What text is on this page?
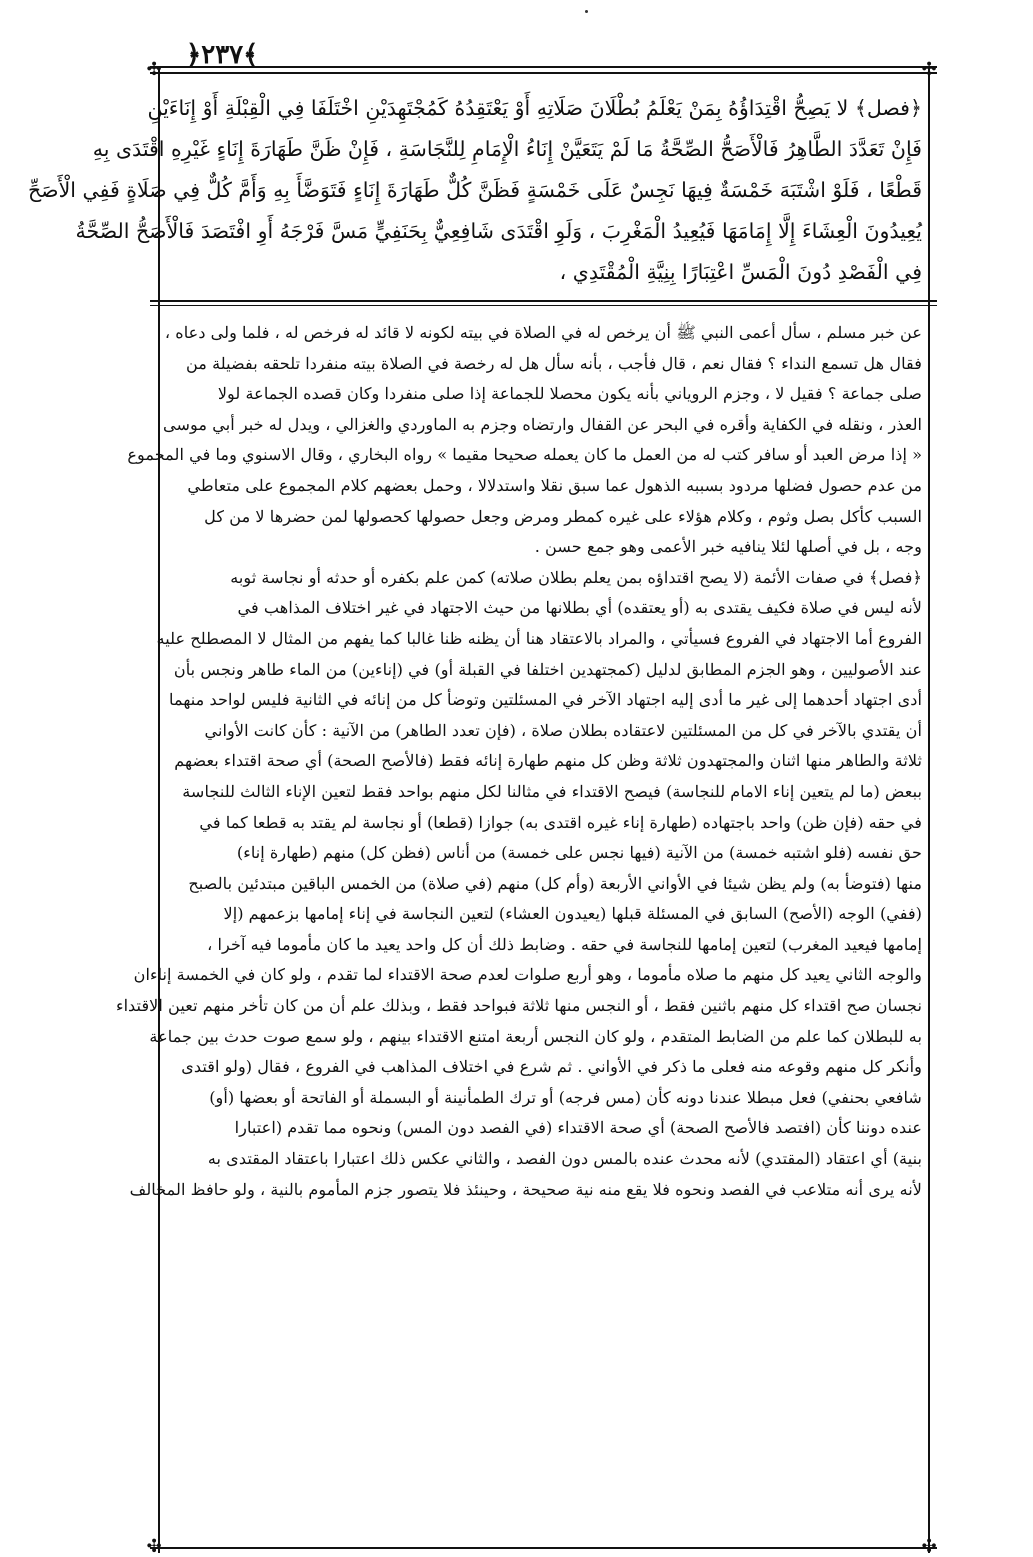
﴿٢٣٧﴾
✣	✣
✣	✣
﴿فصل﴾ لا يَصِحُّ اقْتِدَاؤُهُ بِمَنْ يَعْلَمُ بُطْلَانَ صَلَاتِهِ أَوْ يَعْتَقِدُهُ كَمُجْتَهِدَيْنِ اخْتَلَفَا فِي الْقِبْلَةِ أَوْ إِنَاءَيْنِ
فَإِنْ تَعَدَّدَ الطَّاهِرُ فَالْأَصَحُّ الصِّحَّةُ مَا لَمْ يَتَعَيَّنْ إِنَاءُ الْإِمَامِ لِلنَّجَاسَةِ ، فَإِنْ ظَنَّ طَهَارَةَ إِنَاءٍ غَيْرِهِ اقْتَدَى بِهِ
قَطْعًا ، فَلَوْ اشْتَبَهَ خَمْسَةٌ فِيهَا نَجِسٌ عَلَى خَمْسَةٍ فَظَنَّ كُلٌّ طَهَارَةَ إِنَاءٍ فَتَوَضَّأَ بِهِ وَأَمَّ كُلٌّ فِي صَلَاةٍ فَفِي الْأَصَحِّ
يُعِيدُونَ الْعِشَاءَ إِلَّا إِمَامَهَا فَيُعِيدُ الْمَغْرِبَ ، وَلَوِ اقْتَدَى شَافِعِيٌّ بِحَنَفِيٍّ مَسَّ فَرْجَهُ أَوِ افْتَصَدَ فَالْأَصَحُّ الصِّحَّةُ
فِي الْفَصْدِ دُونَ الْمَسِّ اعْتِبَارًا بِنِيَّةِ الْمُقْتَدِي ،
عن خبر مسلم ، سأل أعمى النبي ﷺ أن يرخص له في الصلاة في بيته لكونه لا قائد له فرخص له ، فلما ولى دعاه ،
فقال هل تسمع النداء ؟ فقال نعم ، قال فأجب ، بأنه سأل هل له رخصة في الصلاة بيته منفردا تلحقه بفضيلة من
صلى جماعة ؟ فقيل لا ، وجزم الروياني بأنه يكون محصلا للجماعة إذا صلى منفردا وكان قصده الجماعة لولا
العذر ، ونقله في الكفاية وأقره في البحر عن القفال وارتضاه وجزم به الماوردي والغزالي ، ويدل له خبر أبي موسى
« إذا مرض العبد أو سافر كتب له من العمل ما كان يعمله صحيحا مقيما » رواه البخاري ، وقال الاسنوي وما في المجموع
من عدم حصول فضلها مردود بسببه الذهول عما سبق نقلا واستدلالا ، وحمل بعضهم كلام المجموع على متعاطي
السبب كأكل بصل وثوم ، وكلام هؤلاء على غيره كمطر ومرض وجعل حصولها كحصولها لمن حضرها لا من كل
وجه ، بل في أصلها لئلا ينافيه خبر الأعمى وهو جمع حسن .
﴿فصل﴾ في صفات الأئمة (لا يصح اقتداؤه بمن يعلم بطلان صلاته) كمن علم بكفره أو حدثه أو نجاسة ثوبه
لأنه ليس في صلاة فكيف يقتدى به (أو يعتقده) أي بطلانها من حيث الاجتهاد في غير اختلاف المذاهب في
الفروع أما الاجتهاد في الفروع فسيأتي ، والمراد بالاعتقاد هنا أن يظنه ظنا غالبا كما يفهم من المثال لا المصطلح عليه
عند الأصوليين ، وهو الجزم المطابق لدليل (كمجتهدين اختلفا في القبلة أو) في (إناءين) من الماء طاهر ونجس بأن
أدى اجتهاد أحدهما إلى غير ما أدى إليه اجتهاد الآخر في المسئلتين وتوضأ كل من إنائه في الثانية فليس لواحد منهما
أن يقتدي بالآخر في كل من المسئلتين لاعتقاده بطلان صلاة ، (فإن تعدد الطاهر) من الآنية : كأن كانت الأواني
ثلاثة والطاهر منها اثنان والمجتهدون ثلاثة وظن كل منهم طهارة إنائه فقط (فالأصح الصحة) أي صحة اقتداء بعضهم
ببعض (ما لم يتعين إناء الامام للنجاسة) فيصح الاقتداء في مثالنا لكل منهم بواحد فقط لتعين الإناء الثالث للنجاسة
في حقه (فإن ظن) واحد باجتهاده (طهارة إناء غيره اقتدى به) جوازا (قطعا) أو نجاسة لم يقتد به قطعا كما في
حق نفسه (فلو اشتبه خمسة) من الآنية (فيها نجس على خمسة) من أناس (فظن كل) منهم (طهارة إناء)
منها (فتوضأ به) ولم يظن شيئا في الأواني الأربعة (وأم كل) منهم (في صلاة) من الخمس الباقين مبتدئين بالصبح
(ففي) الوجه (الأصح) السابق في المسئلة قبلها (يعيدون العشاء) لتعين النجاسة في إناء إمامها بزعمهم (إلا
إمامها فيعيد المغرب) لتعين إمامها للنجاسة في حقه . وضابط ذلك أن كل واحد يعيد ما كان مأموما فيه آخرا ،
والوجه الثاني يعيد كل منهم ما صلاه مأموما ، وهو أربع صلوات لعدم صحة الاقتداء لما تقدم ، ولو كان في الخمسة إناءان
نجسان صح اقتداء كل منهم باثنين فقط ، أو النجس منها ثلاثة فبواحد فقط ، وبذلك علم أن من كان تأخر منهم تعين الاقتداء
به للبطلان كما علم من الضابط المتقدم ، ولو كان النجس أربعة امتنع الاقتداء بينهم ، ولو سمع صوت حدث بين جماعة
وأنكر كل منهم وقوعه منه فعلى ما ذكر في الأواني . ثم شرع في اختلاف المذاهب في الفروع ، فقال (ولو اقتدى
شافعي بحنفي) فعل مبطلا عندنا دونه كأن (مس فرجه) أو ترك الطمأنينة أو البسملة أو الفاتحة أو بعضها (أو)
عنده دوننا كأن (افتصد فالأصح الصحة) أي صحة الاقتداء (في الفصد دون المس) ونحوه مما تقدم (اعتبارا
بنية) أي اعتقاد (المقتدي) لأنه محدث عنده بالمس دون الفصد ، والثاني عكس ذلك اعتبارا باعتقاد المقتدى به
لأنه يرى أنه متلاعب في الفصد ونحوه فلا يقع منه نية صحيحة ، وحينئذ فلا يتصور جزم المأموم بالنية ، ولو حافظ المخالف
